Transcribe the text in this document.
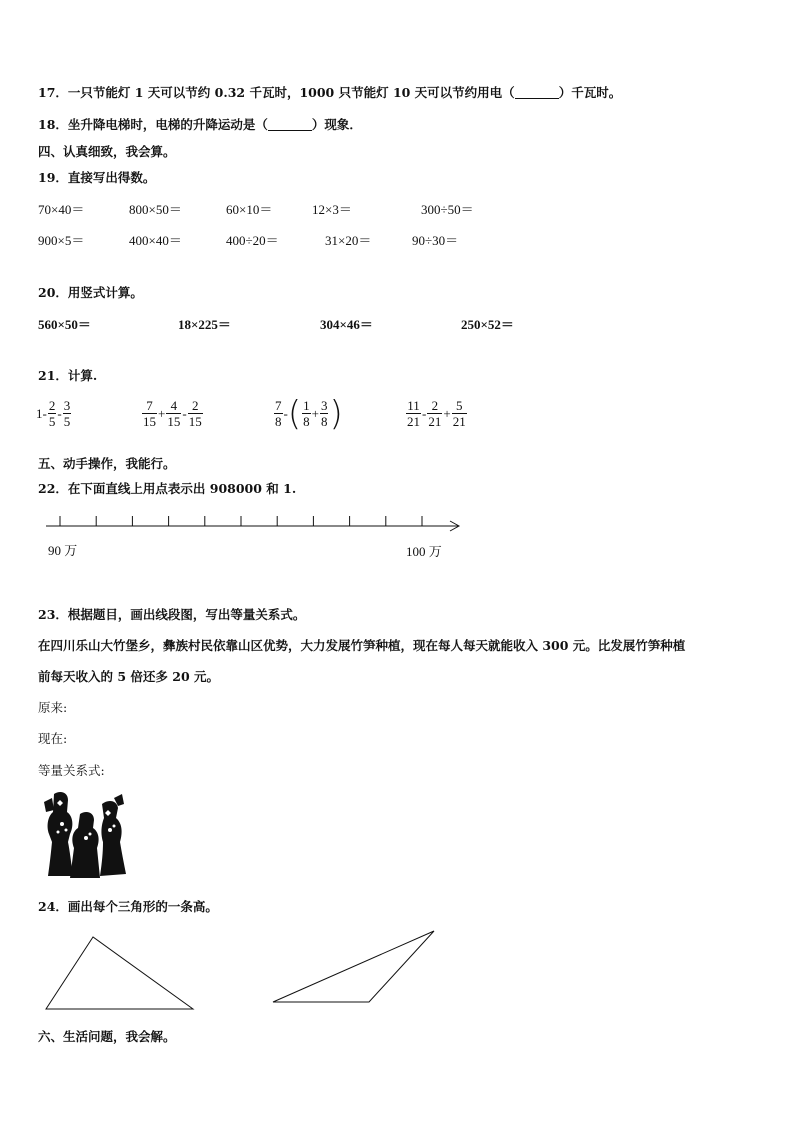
17．一只节能灯 1 天可以节约 0.32 千瓦时，1000 只节能灯 10 天可以节约用电（	）千瓦时。
18．坐升降电梯时，电梯的升降运动是（	）现象．
四、认真细致，我会算。
19．直接写出得数。
70×40＝	800×50＝	60×10＝	12×3＝	300÷50＝
900×5＝	400×40＝	400÷20＝	31×20＝	90÷30＝
20．用竖式计算。
560×50＝	18×225＝	304×46＝	250×52＝
21．计算.
$1- \frac{2}{5} - \frac{3}{5}$	$\frac{7}{15} + \frac{4}{15} - \frac{2}{15}$	$\frac{7}{8}$ - ( $\frac{1}{8} + \frac{3}{8}$ )	$\frac{11}{21} - \frac{2}{21} + \frac{5}{21}$
五、动手操作，我能行。
22．在下面直线上用点表示出 908000 和 1.
90 万	100 万
23．根据题目，画出线段图，写出等量关系式。
在四川乐山大竹堡乡，彝族村民依靠山区优势，大力发展竹笋种植，现在每人每天就能收入 300 元。比发展竹笋种植
前每天收入的 5 倍还多 20 元。
原来:
现在:
等量关系式:
24．画出每个三角形的一条高。
六、生活问题，我会解。
